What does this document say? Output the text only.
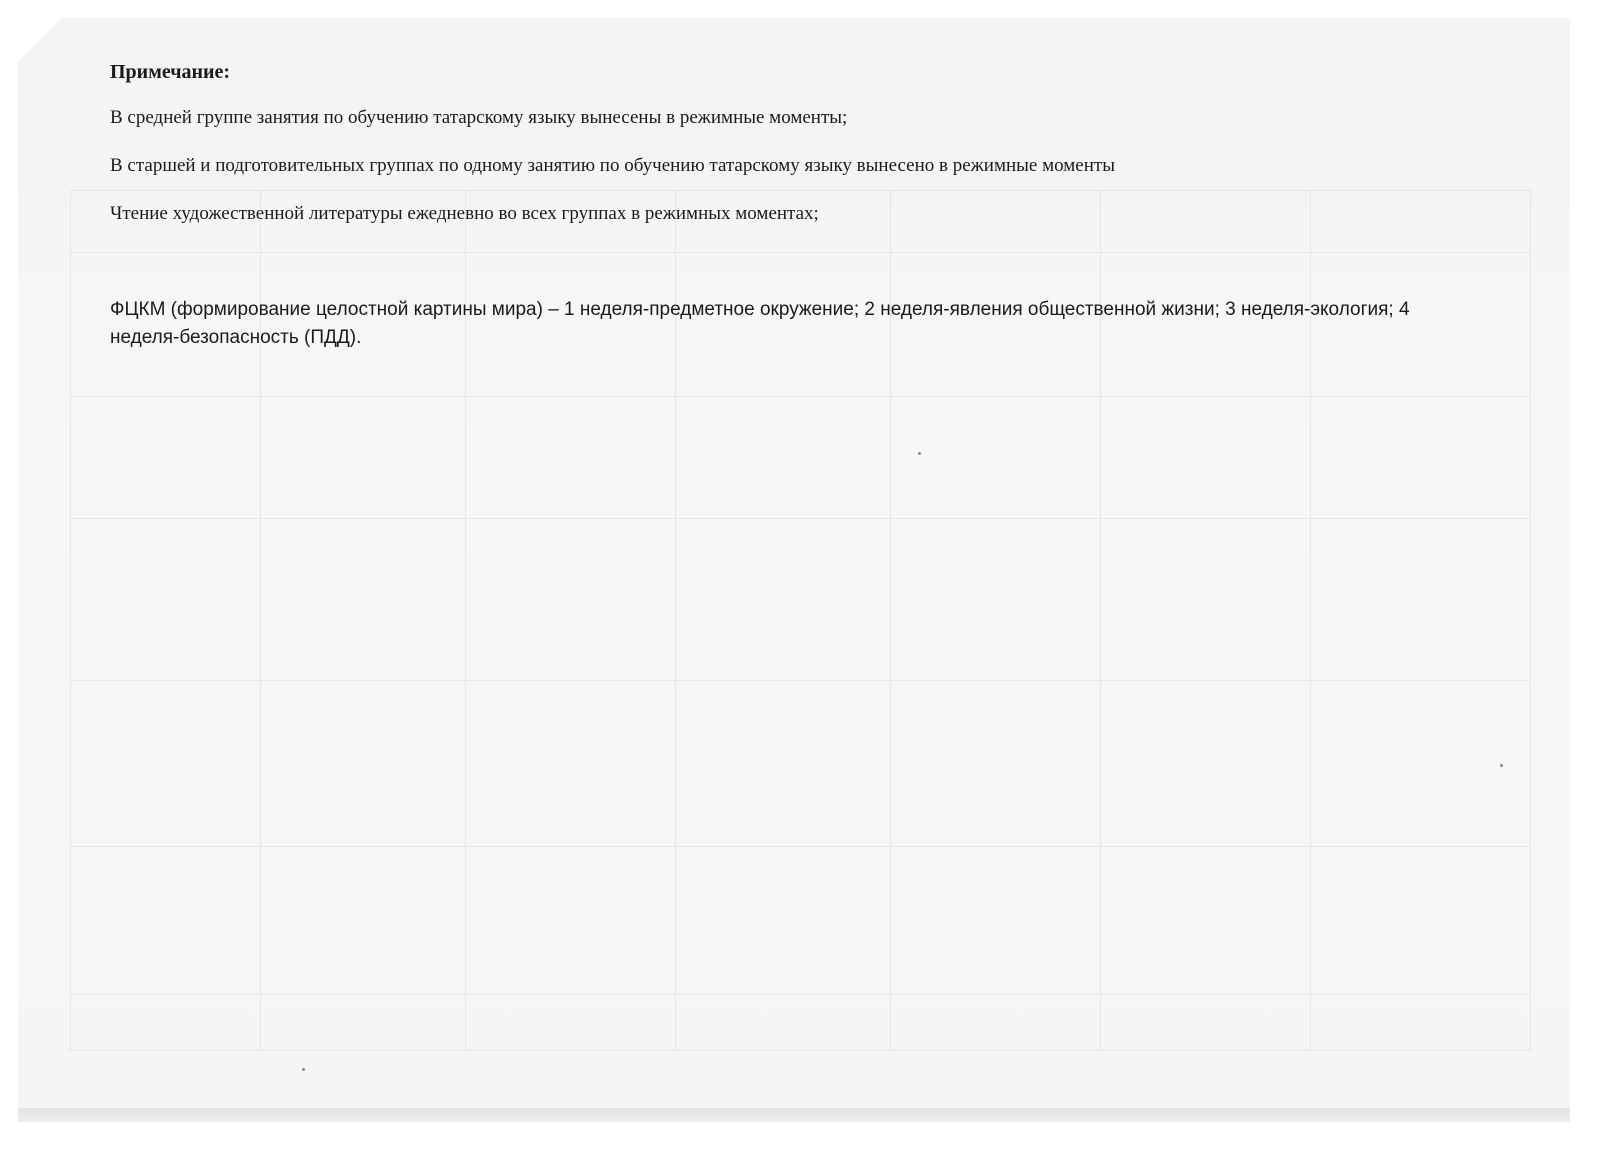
Примечание:

В средней группе занятия по обучению татарскому языку вынесены в режимные моменты;

В старшей и подготовительных группах по одному занятию по обучению татарскому языку вынесено в режимные моменты

Чтение художественной литературы ежедневно во всех группах в режимных моментах;

ФЦКМ (формирование целостной картины мира) – 1 неделя-предметное окружение; 2 неделя-явления общественной жизни; 3 неделя-экология; 4 неделя-безопасность (ПДД).
